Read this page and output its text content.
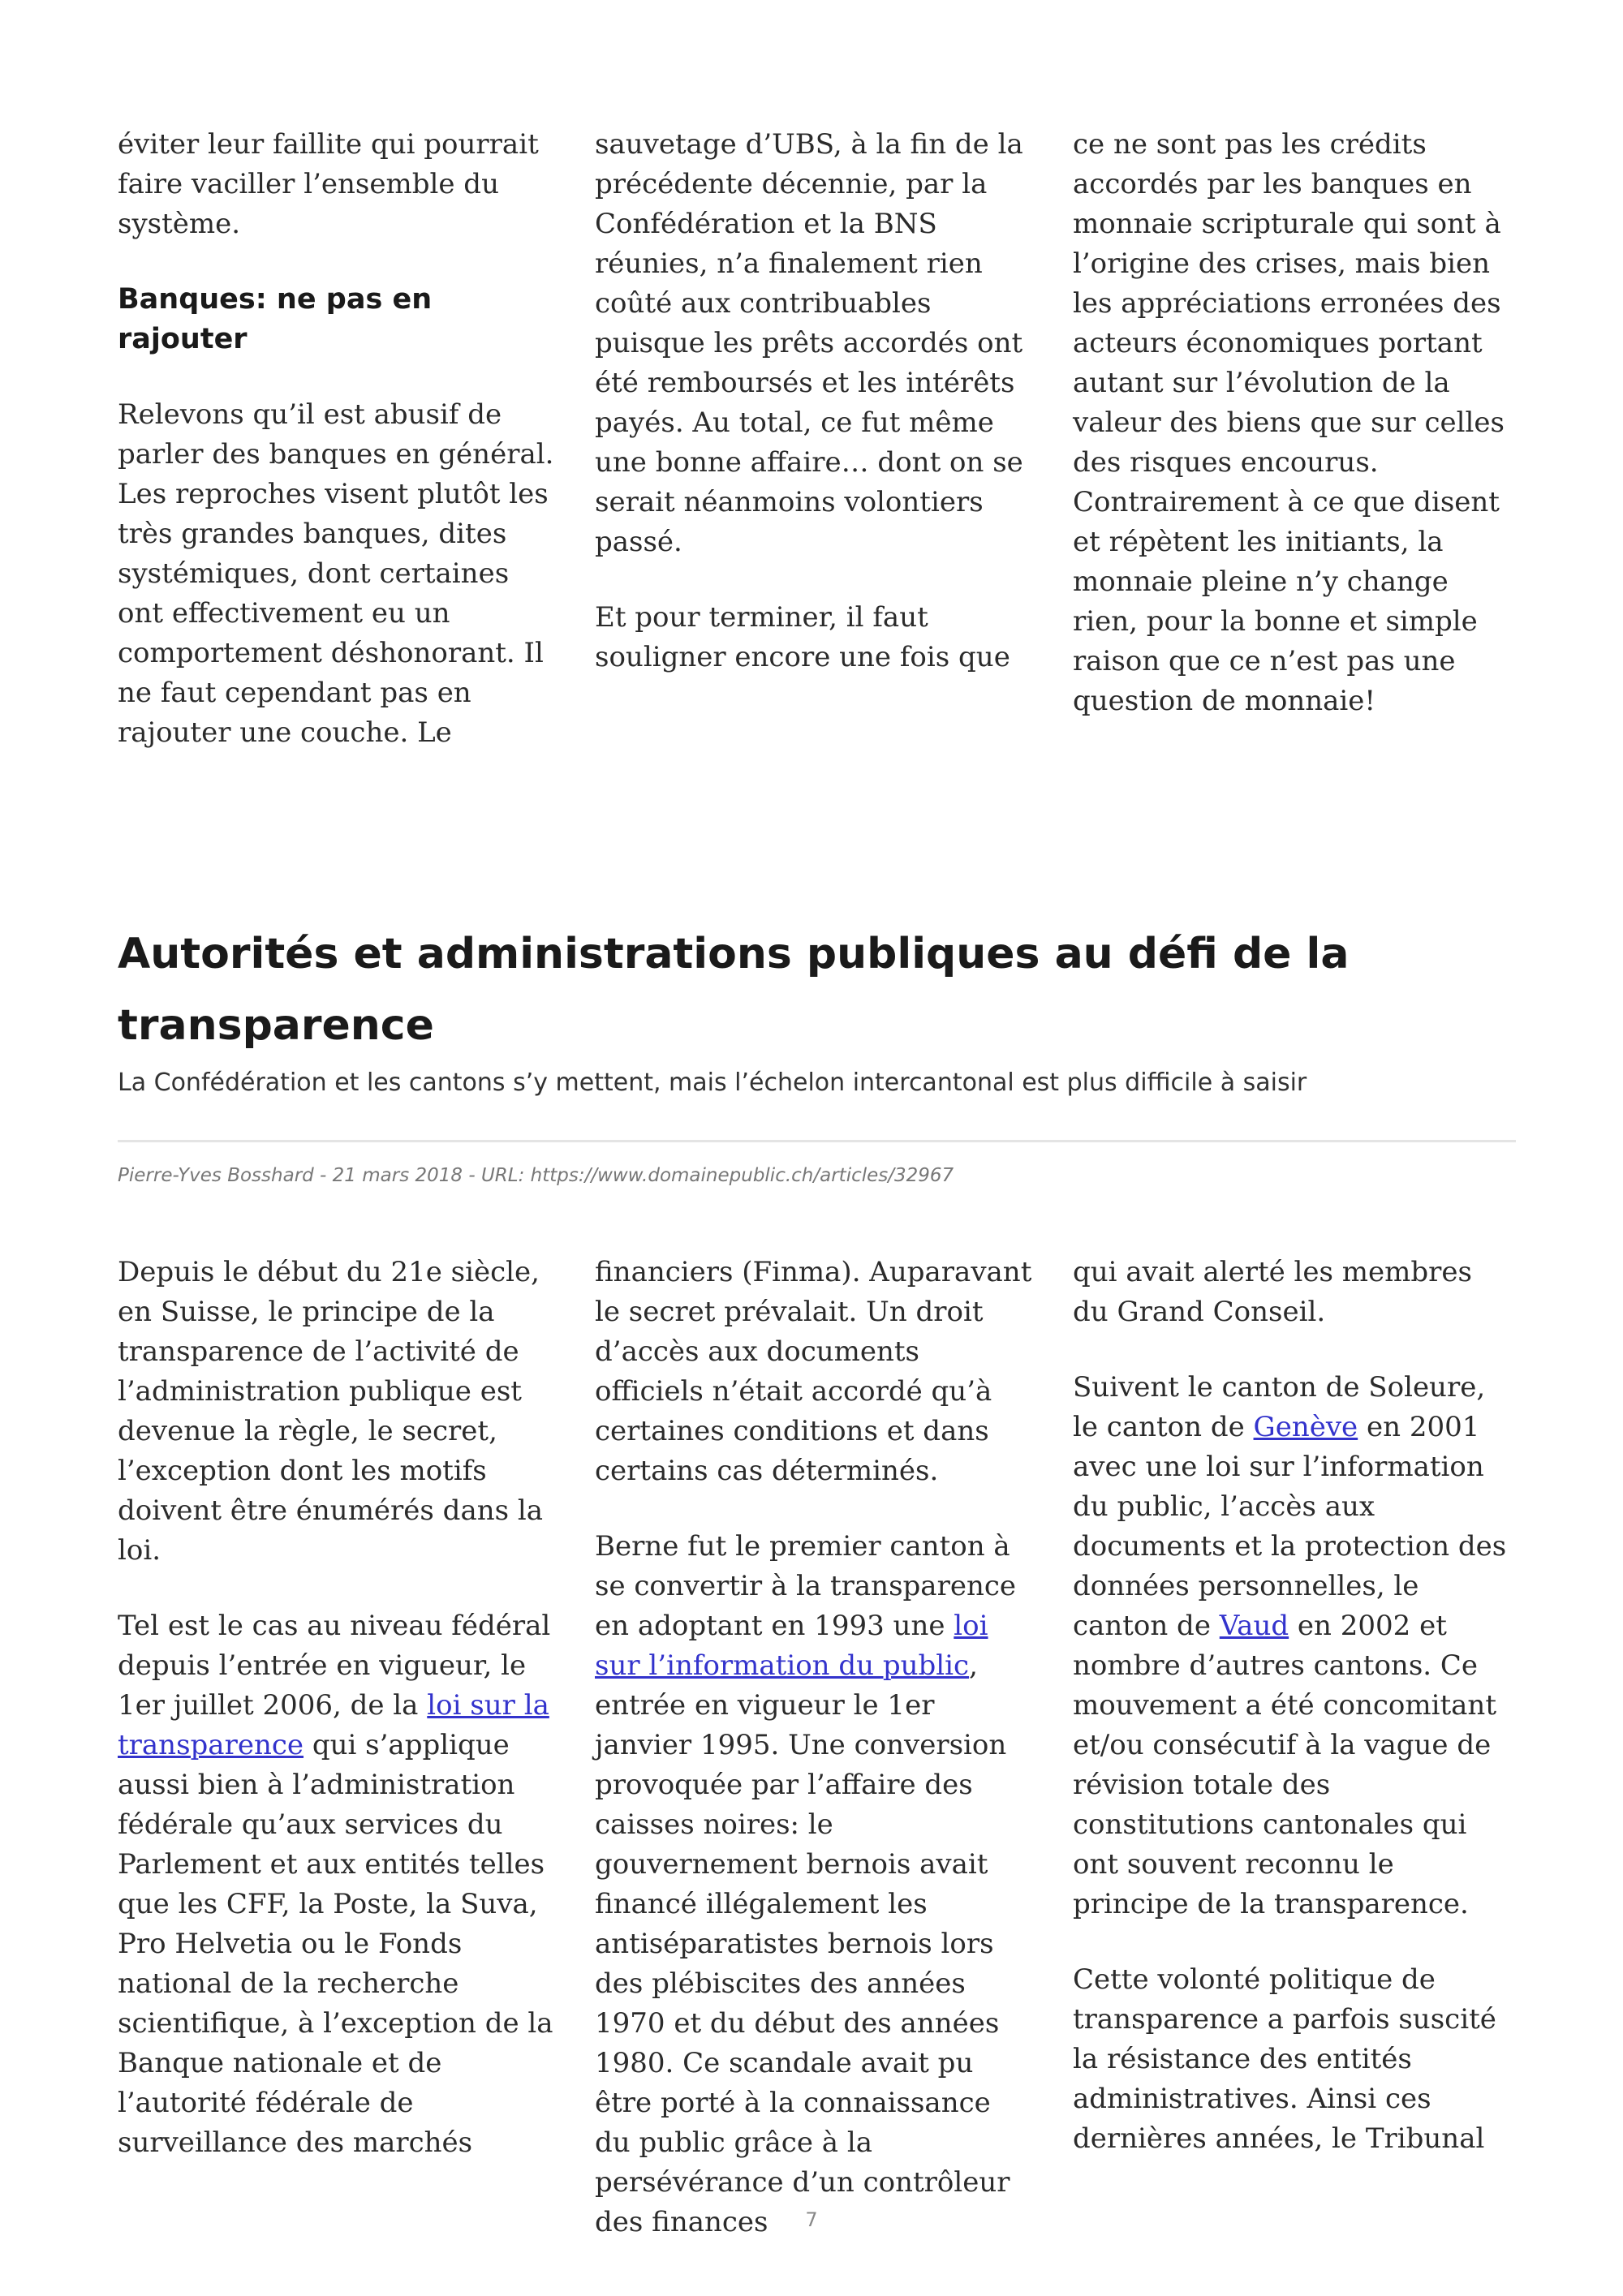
éviter leur faillite qui pourrait faire vaciller l’ensemble du système.

Banques: ne pas en rajouter

Relevons qu’il est abusif de parler des banques en général. Les reproches visent plutôt les très grandes banques, dites systémiques, dont certaines ont effectivement eu un comportement déshonorant. Il ne faut cependant pas en rajouter une couche. Le

sauvetage d’UBS, à la fin de la précédente décennie, par la Confédération et la BNS réunies, n’a finalement rien coûté aux contribuables puisque les prêts accordés ont été remboursés et les intérêts payés. Au total, ce fut même une bonne affaire… dont on se serait néanmoins volontiers passé.

Et pour terminer, il faut souligner encore une fois que

ce ne sont pas les crédits accordés par les banques en monnaie scripturale qui sont à l’origine des crises, mais bien les appréciations erronées des acteurs économiques portant autant sur l’évolution de la valeur des biens que sur celles des risques encourus. Contrairement à ce que disent et répètent les initiants, la monnaie pleine n’y change rien, pour la bonne et simple raison que ce n’est pas une question de monnaie!

Autorités et administrations publiques au défi de la transparence

La Confédération et les cantons s’y mettent, mais l’échelon intercantonal est plus difficile à saisir

Pierre-Yves Bosshard - 21 mars 2018 - URL: https://www.domainepublic.ch/articles/32967

Depuis le début du 21e siècle, en Suisse, le principe de la transparence de l’activité de l’administration publique est devenue la règle, le secret, l’exception dont les motifs doivent être énumérés dans la loi.

Tel est le cas au niveau fédéral depuis l’entrée en vigueur, le 1er juillet 2006, de la loi sur la transparence qui s’applique aussi bien à l’administration fédérale qu’aux services du Parlement et aux entités telles que les CFF, la Poste, la Suva, Pro Helvetia ou le Fonds national de la recherche scientifique, à l’exception de la Banque nationale et de l’autorité fédérale de surveillance des marchés

financiers (Finma). Auparavant le secret prévalait. Un droit d’accès aux documents officiels n’était accordé qu’à certaines conditions et dans certains cas déterminés.

Berne fut le premier canton à se convertir à la transparence en adoptant en 1993 une loi sur l’information du public, entrée en vigueur le 1er janvier 1995. Une conversion provoquée par l’affaire des caisses noires: le gouvernement bernois avait financé illégalement les antiséparatistes bernois lors des plébiscites des années 1970 et du début des années 1980. Ce scandale avait pu être porté à la connaissance du public grâce à la persévérance d’un contrôleur des finances

qui avait alerté les membres du Grand Conseil.

Suivent le canton de Soleure, le canton de Genève en 2001 avec une loi sur l’information du public, l’accès aux documents et la protection des données personnelles, le canton de Vaud en 2002 et nombre d’autres cantons. Ce mouvement a été concomitant et/ou consécutif à la vague de révision totale des constitutions cantonales qui ont souvent reconnu le principe de la transparence.

Cette volonté politique de transparence a parfois suscité la résistance des entités administratives. Ainsi ces dernières années, le Tribunal

7
